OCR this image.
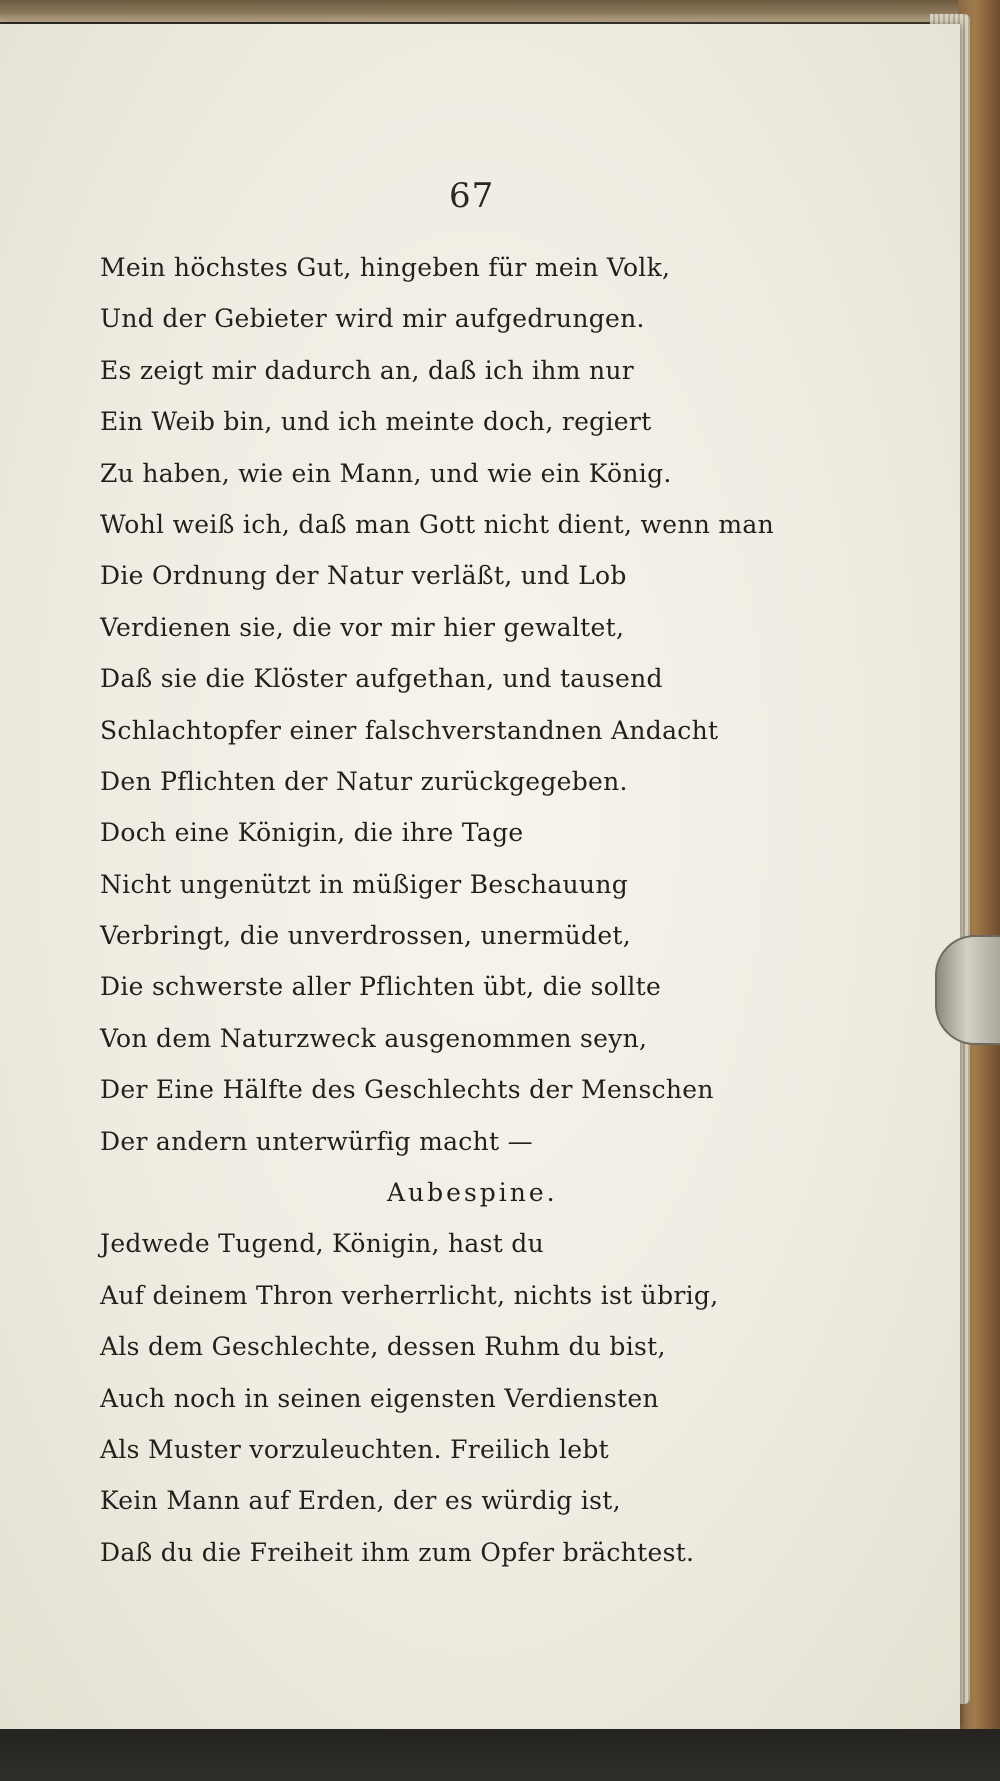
67
Mein höchstes Gut, hingeben für mein Volk,
Und der Gebieter wird mir aufgedrungen.
Es zeigt mir dadurch an, daß ich ihm nur
Ein Weib bin, und ich meinte doch, regiert
Zu haben, wie ein Mann, und wie ein König.
Wohl weiß ich, daß man Gott nicht dient, wenn man
Die Ordnung der Natur verläßt, und Lob
Verdienen sie, die vor mir hier gewaltet,
Daß sie die Klöster aufgethan, und tausend
Schlachtopfer einer falschverstandnen Andacht
Den Pflichten der Natur zurückgegeben.
Doch eine Königin, die ihre Tage
Nicht ungenützt in müßiger Beschauung
Verbringt, die unverdrossen, unermüdet,
Die schwerste aller Pflichten übt, die sollte
Von dem Naturzweck ausgenommen seyn,
Der Eine Hälfte des Geschlechts der Menschen
Der andern unterwürfig macht —
Aubespine.
Jedwede Tugend, Königin, hast du
Auf deinem Thron verherrlicht, nichts ist übrig,
Als dem Geschlechte, dessen Ruhm du bist,
Auch noch in seinen eigensten Verdiensten
Als Muster vorzuleuchten. Freilich lebt
Kein Mann auf Erden, der es würdig ist,
Daß du die Freiheit ihm zum Opfer brächtest.
